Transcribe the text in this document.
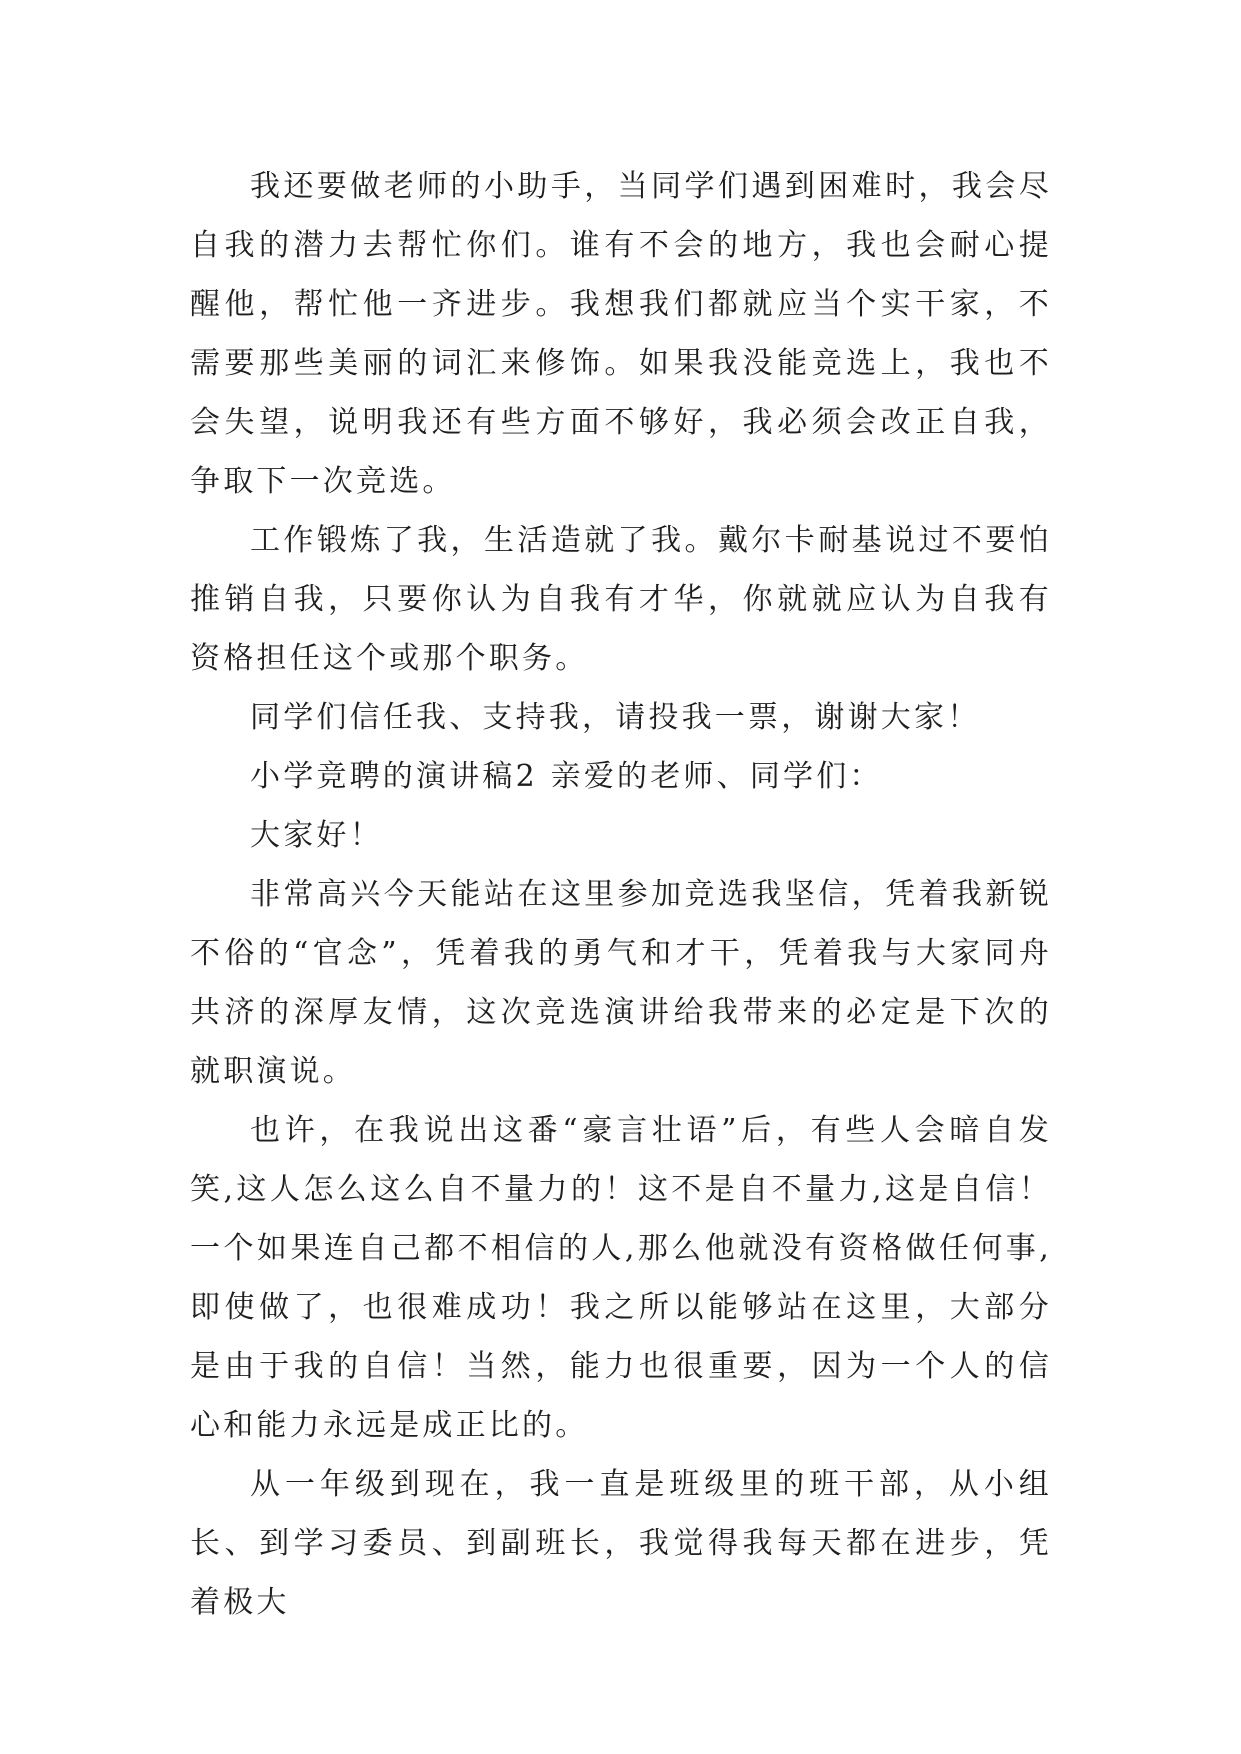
我还要做老师的小助手，当同学们遇到困难时，我会尽自我的潜力去帮忙你们。谁有不会的地方，我也会耐心提醒他，帮忙他一齐进步。我想我们都就应当个实干家，不需要那些美丽的词汇来修饰。如果我没能竞选上，我也不会失望，说明我还有些方面不够好，我必须会改正自我，争取下一次竞选。

工作锻炼了我，生活造就了我。戴尔卡耐基说过不要怕推销自我，只要你认为自我有才华，你就就应认为自我有资格担任这个或那个职务。

同学们信任我、支持我，请投我一票，谢谢大家！

小学竞聘的演讲稿2 亲爱的老师、同学们：

大家好！

非常高兴今天能站在这里参加竞选我坚信，凭着我新锐不俗的“官念”，凭着我的勇气和才干，凭着我与大家同舟共济的深厚友情，这次竞选演讲给我带来的必定是下次的就职演说。

也许，在我说出这番“豪言壮语”后，有些人会暗自发笑,这人怎么这么自不量力的！这不是自不量力,这是自信！一个如果连自己都不相信的人,那么他就没有资格做任何事,即使做了，也很难成功！我之所以能够站在这里，大部分是由于我的自信！当然，能力也很重要，因为一个人的信心和能力永远是成正比的。

从一年级到现在，我一直是班级里的班干部，从小组长、到学习委员、到副班长，我觉得我每天都在进步，凭着极大
